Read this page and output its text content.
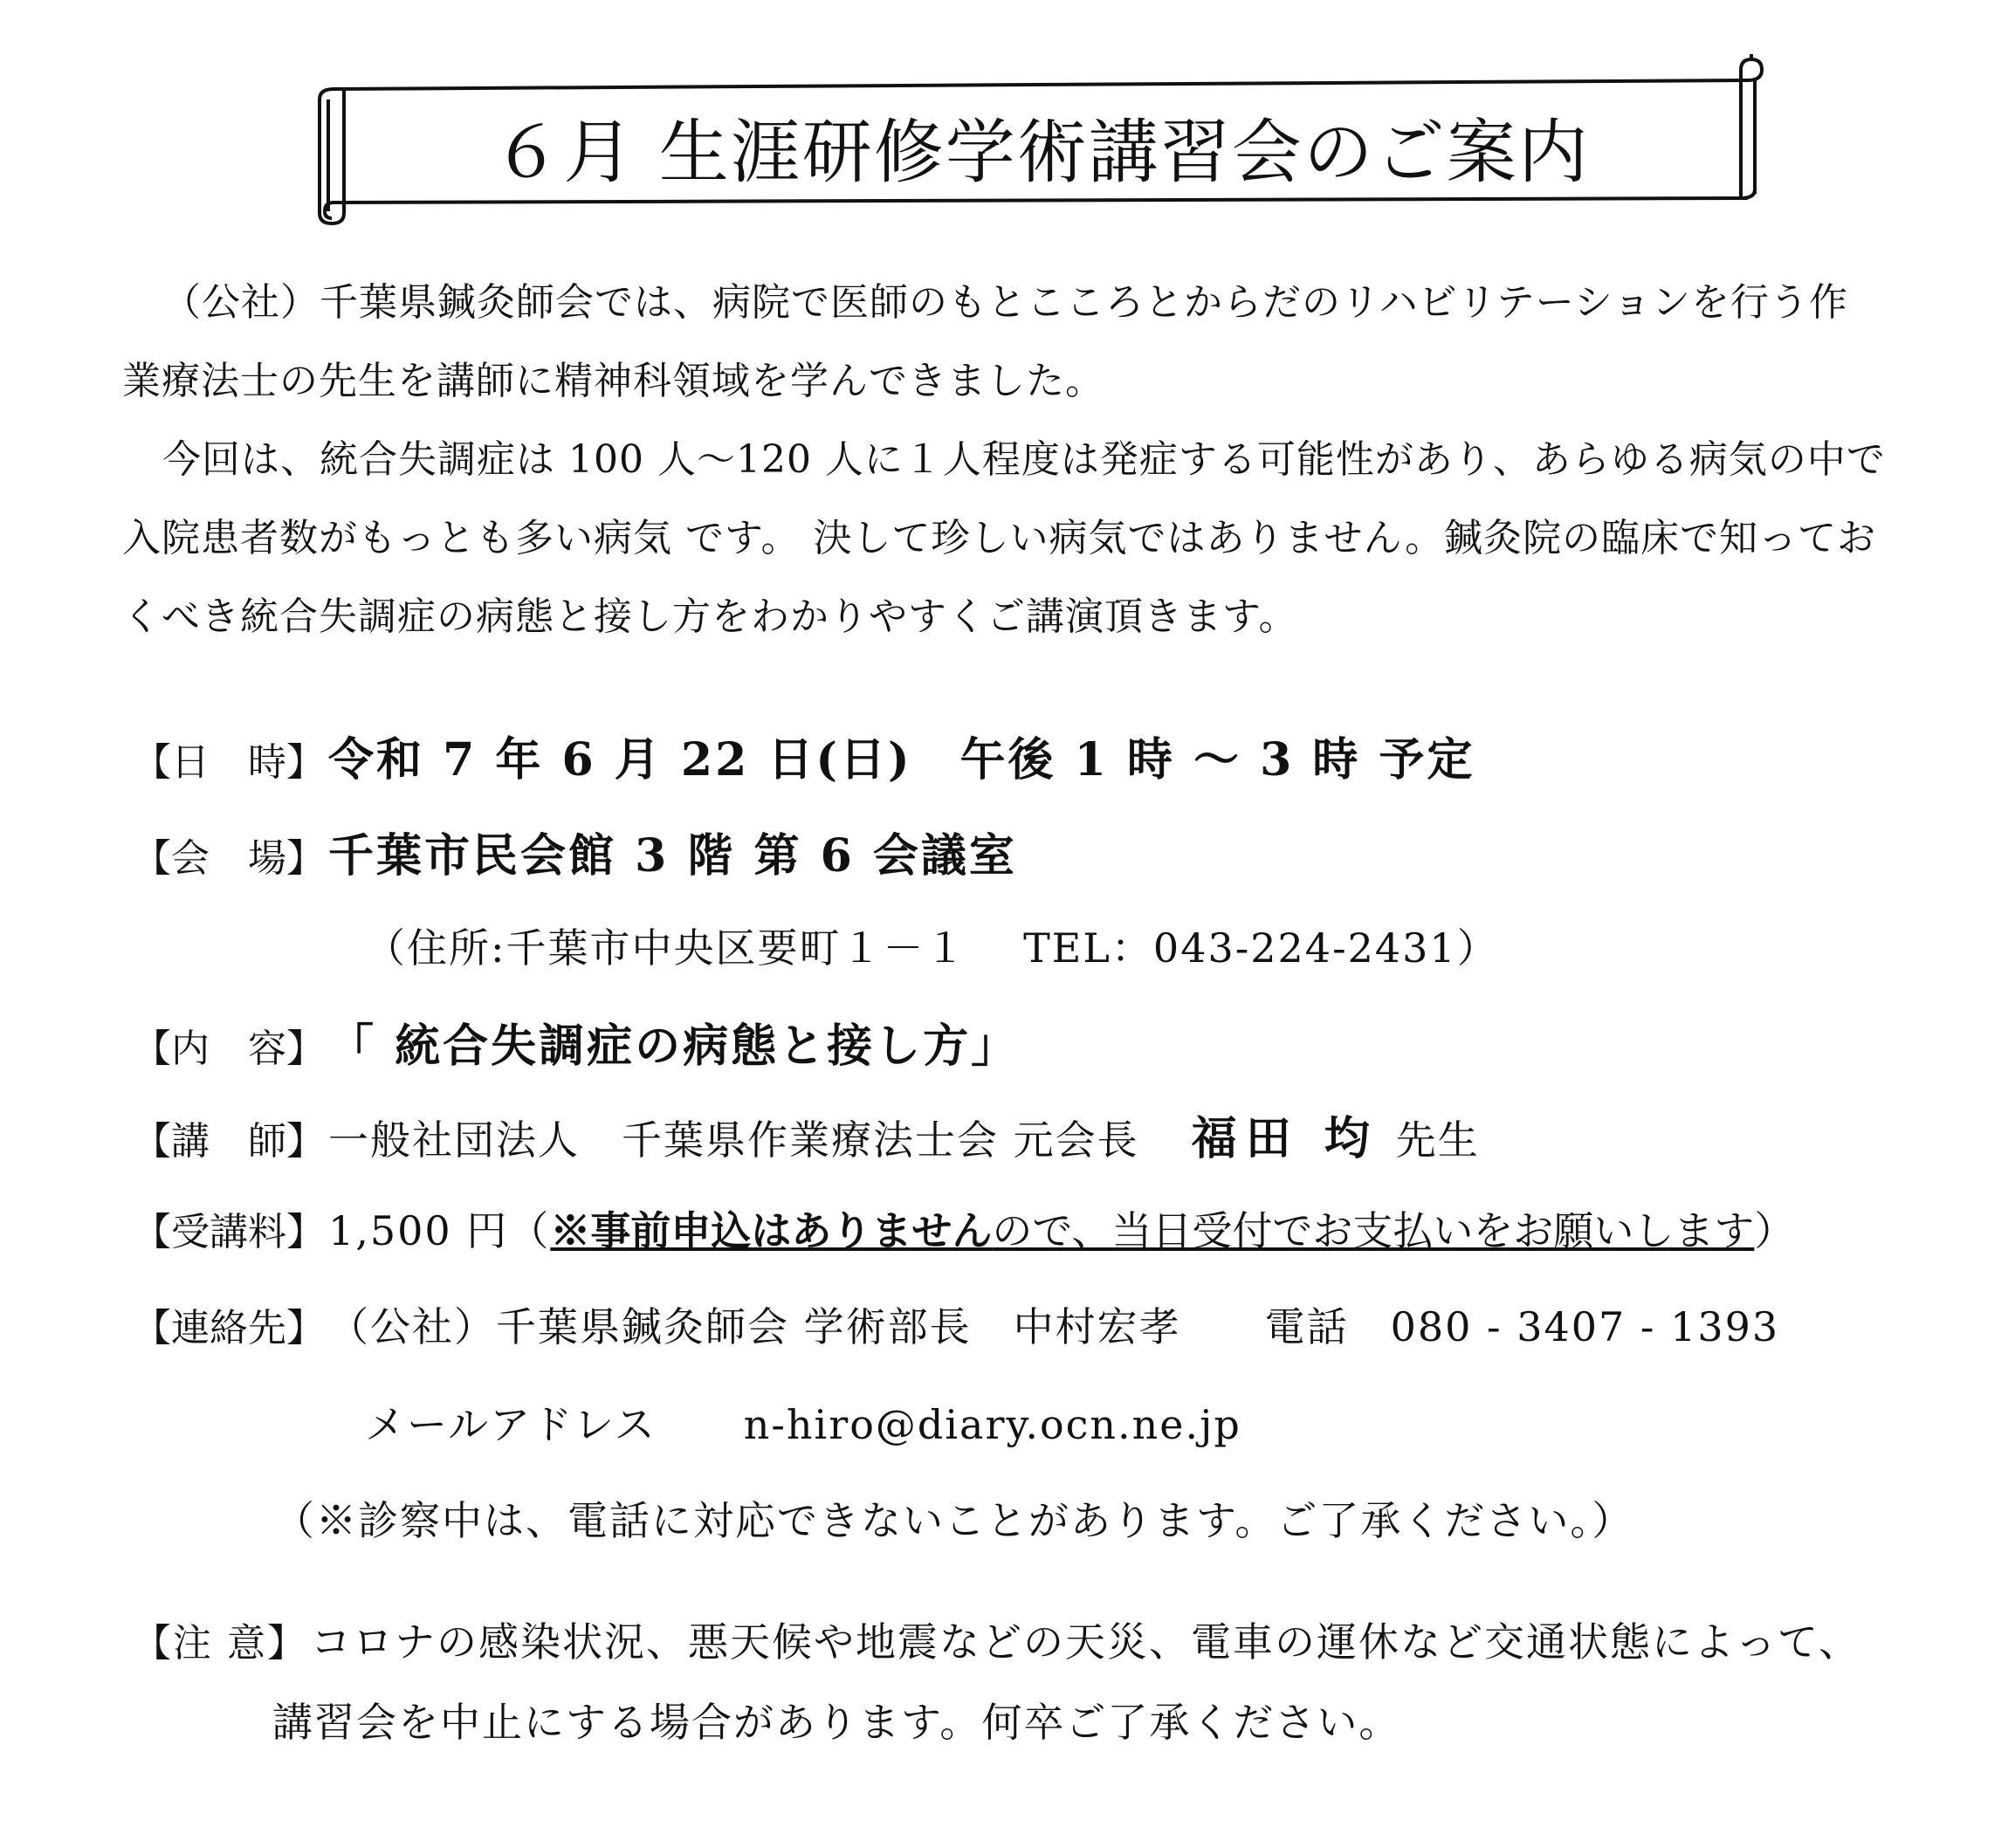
６月 生涯研修学術講習会のご案内

（公社）千葉県鍼灸師会では、病院で医師のもとこころとからだのリハビリテーションを行う作業療法士の先生を講師に精神科領域を学んできました。

今回は、統合失調症は 100 人～120 人に１人程度は発症する可能性があり、あらゆる病気の中で入院患者数がもっとも多い病気 です。 決して珍しい病気ではありません。鍼灸院の臨床で知っておくべき統合失調症の病態と接し方をわかりやすくご講演頂きます。

【日　時】令和 7 年 6 月 22 日(日)　午後 1 時 ～ 3 時 予定
【会　場】千葉市民会館 3 階 第 6 会議室
（住所:千葉市中央区要町１－１　 TEL：043-224-2431）
【内　容】「 統合失調症の病態と接し方」
【講　師】一般社団法人　千葉県作業療法士会 元会長 福田 均 先生
【受講料】1,500 円（※事前申込はありませんので、当日受付でお支払いをお願いします）
【連絡先】（公社）千葉県鍼灸師会 学術部長　中村宏孝　　電話　080 - 3407 - 1393
メールアドレス n-hiro@diary.ocn.ne.jp
（※診察中は、電話に対応できないことがあります。ご了承ください。）
【注 意】コロナの感染状況、悪天候や地震などの天災、電車の運休など交通状態によって、
講習会を中止にする場合があります。何卒ご了承ください。
